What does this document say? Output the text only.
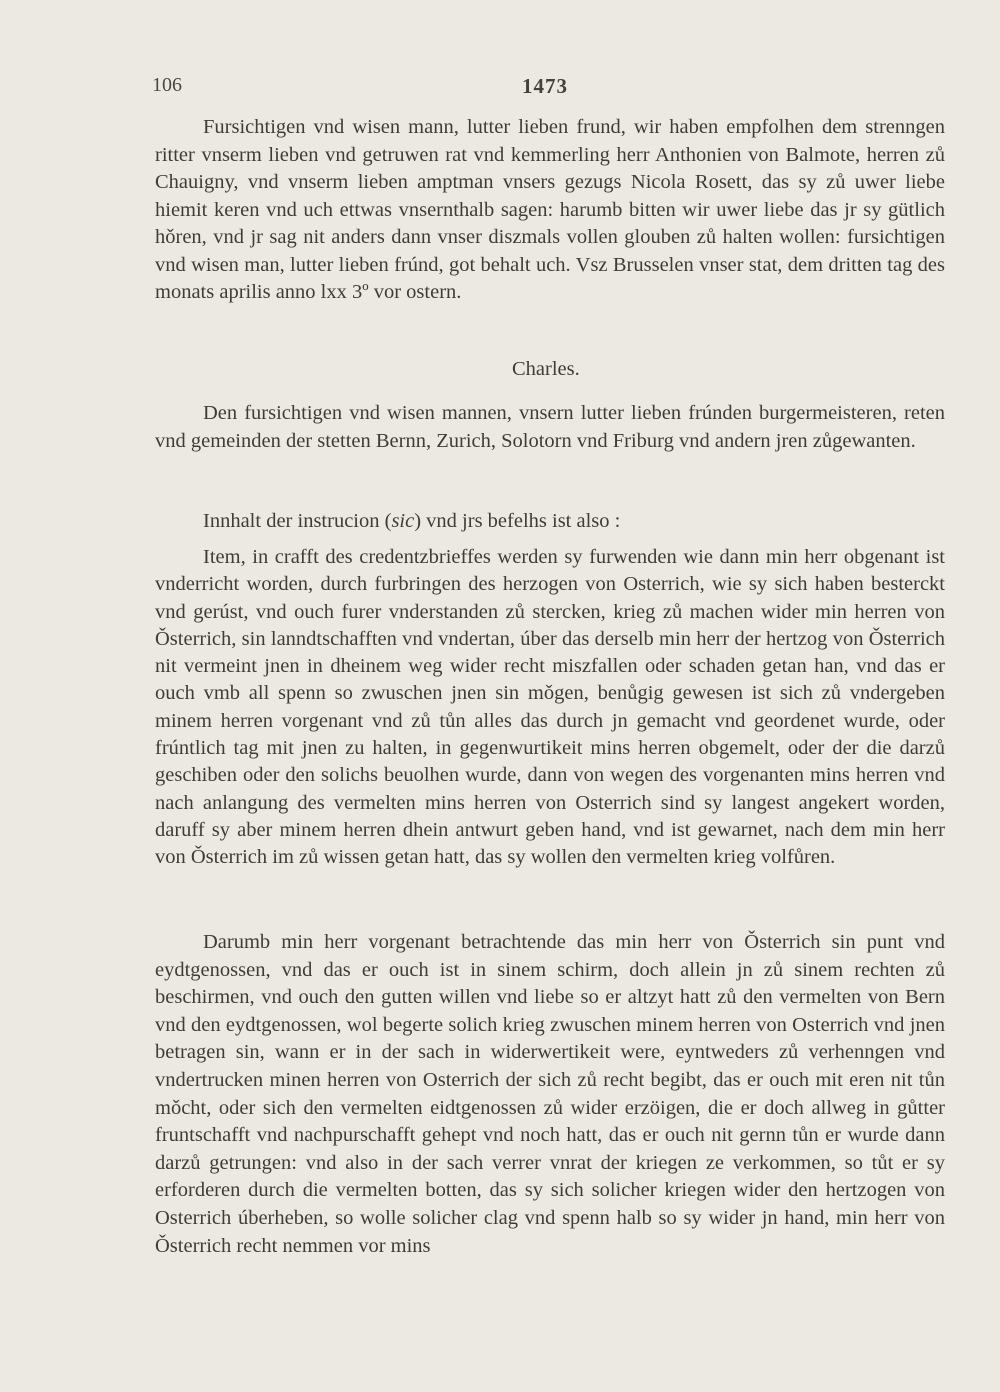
106	1473

Fursichtigen vnd wisen mann, lutter lieben frund, wir haben empfolhen dem strenngen ritter vnserm lieben vnd getruwen rat vnd kemmerling herr Anthonien von Balmote, herren zů Chauigny, vnd vnserm lieben amptman vnsers gezugs Nicola Rosett, das sy zů uwer liebe hiemit keren vnd uch ettwas vnsernthalb sagen: harumb bitten wir uwer liebe das jr sy gütlich hǒren, vnd jr sag nit anders dann vnser diszmals vollen glouben zů halten wollen: fursichtigen vnd wisen man, lutter lieben frúnd, got behalt uch. Vsz Brusselen vnser stat, dem dritten tag des monats aprilis anno lxx 3º vor ostern.

Charles.

Den fursichtigen vnd wisen mannen, vnsern lutter lieben frúnden burgermeisteren, reten vnd gemeinden der stetten Bernn, Zurich, Solotorn vnd Friburg vnd andern jren zůgewanten.

Innhalt der instrucion (sic) vnd jrs befelhs ist also :

Item, in crafft des credentzbrieffes werden sy furwenden wie dann min herr obgenant ist vnderricht worden, durch furbringen des herzogen von Osterrich, wie sy sich haben besterckt vnd gerúst, vnd ouch furer vnderstanden zů stercken, krieg zů machen wider min herren von Ǒsterrich, sin lanndtschafften vnd vndertan, úber das derselb min herr der hertzog von Ǒsterrich nit vermeint jnen in dheinem weg wider recht miszfallen oder schaden getan han, vnd das er ouch vmb all spenn so zwuschen jnen sin mǒgen, benůgig gewesen ist sich zů vndergeben minem herren vorgenant vnd zů tůn alles das durch jn gemacht vnd geordenet wurde, oder frúntlich tag mit jnen zu halten, in gegenwurtikeit mins herren obgemelt, oder der die darzů geschiben oder den solichs beuolhen wurde, dann von wegen des vorgenanten mins herren vnd nach anlangung des vermelten mins herren von Osterrich sind sy langest angekert worden, daruff sy aber minem herren dhein antwurt geben hand, vnd ist gewarnet, nach dem min herr von Ǒsterrich im zů wissen getan hatt, das sy wollen den vermelten krieg volfůren.

Darumb min herr vorgenant betrachtende das min herr von Ǒsterrich sin punt vnd eydtgenossen, vnd das er ouch ist in sinem schirm, doch allein jn zů sinem rechten zů beschirmen, vnd ouch den gutten willen vnd liebe so er altzyt hatt zů den vermelten von Bern vnd den eydtgenossen, wol begerte solich krieg zwuschen minem herren von Osterrich vnd jnen betragen sin, wann er in der sach in widerwertikeit were, eyntweders zů verhenngen vnd vndertrucken minen herren von Osterrich der sich zů recht begibt, das er ouch mit eren nit tůn mǒcht, oder sich den vermelten eidtgenossen zů wider erzöigen, die er doch allweg in gůtter fruntschafft vnd nachpurschafft gehept vnd noch hatt, das er ouch nit gernn tůn er wurde dann darzů getrungen: vnd also in der sach verrer vnrat der kriegen ze verkommen, so tůt er sy erforderen durch die vermelten botten, das sy sich solicher kriegen wider den hertzogen von Osterrich úberheben, so wolle solicher clag vnd spenn halb so sy wider jn hand, min herr von Ǒsterrich recht nemmen vor mins
